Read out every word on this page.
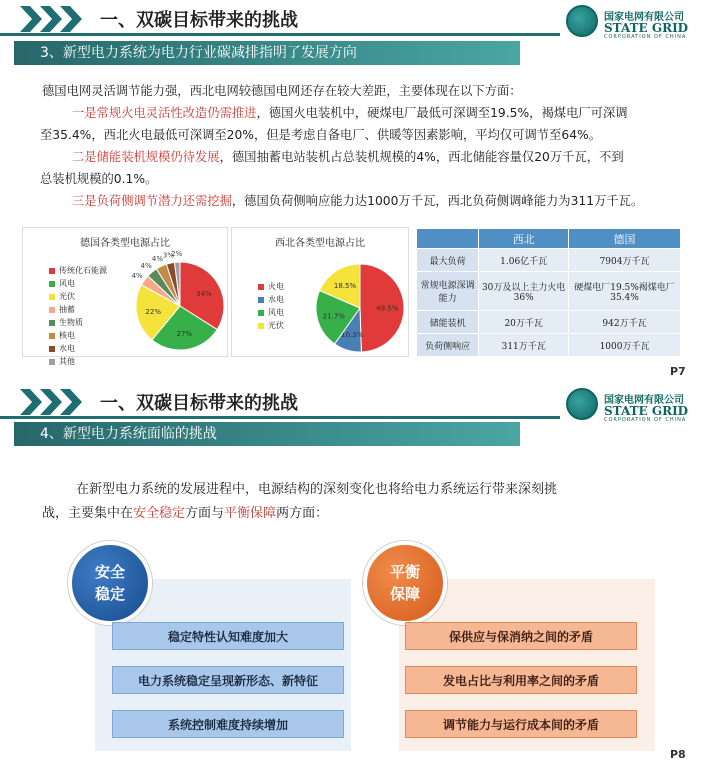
一、双碳目标带来的挑战	国家电网有限公司
STATE GRID
CORPORATION OF CHINA
3、新型电力系统为电力行业碳减排指明了发展方向
德国电网灵活调节能力强，西北电网较德国电网还存在较大差距，主要体现在以下方面：
一是常规火电灵活性改造仍需推进，德国火电装机中，硬煤电厂最低可深调至19.5%，褐煤电厂可深调
至35.4%，西北火电最低可深调至20%，但是考虑自备电厂、供暖等因素影响，平均仅可调节至64%。
二是储能装机规模仍待发展，德国抽蓄电站装机占总装机规模的4%，西北储能容量仅20万千瓦，不到
总装机规模的0.1%。
三是负荷侧调节潜力还需挖掘，德国负荷侧响应能力达1000万千瓦，西北负荷侧调峰能力为311万千瓦。
德国各类型电源占比
传统化石能源
风电
光伏
抽蓄
生物质
核电
水电
其他
34%
27%
22%
4%
4%
4% 3%
2%
西北各类型电源占比
火电
水电
风电
光伏
49.5%
10.3%
21.7%
18.5%
	西北	德国
最大负荷	1.06亿千瓦	7904万千瓦
常规电源深调能力	30万及以上主力火电36%	硬煤电厂19.5%褐煤电厂35.4%
储能装机	20万千瓦	942万千瓦
负荷侧响应	311万千瓦	1000万千瓦
P7
一、双碳目标带来的挑战	国家电网有限公司
STATE GRID
CORPORATION OF CHINA
4、新型电力系统面临的挑战
在新型电力系统的发展进程中，电源结构的深刻变化也将给电力系统运行带来深刻挑
战，主要集中在安全稳定方面与平衡保障两方面：
安全
稳定
稳定特性认知难度加大
电力系统稳定呈现新形态、新特征
系统控制难度持续增加
平衡
保障
保供应与保消纳之间的矛盾
发电占比与利用率之间的矛盾
调节能力与运行成本间的矛盾
P8
